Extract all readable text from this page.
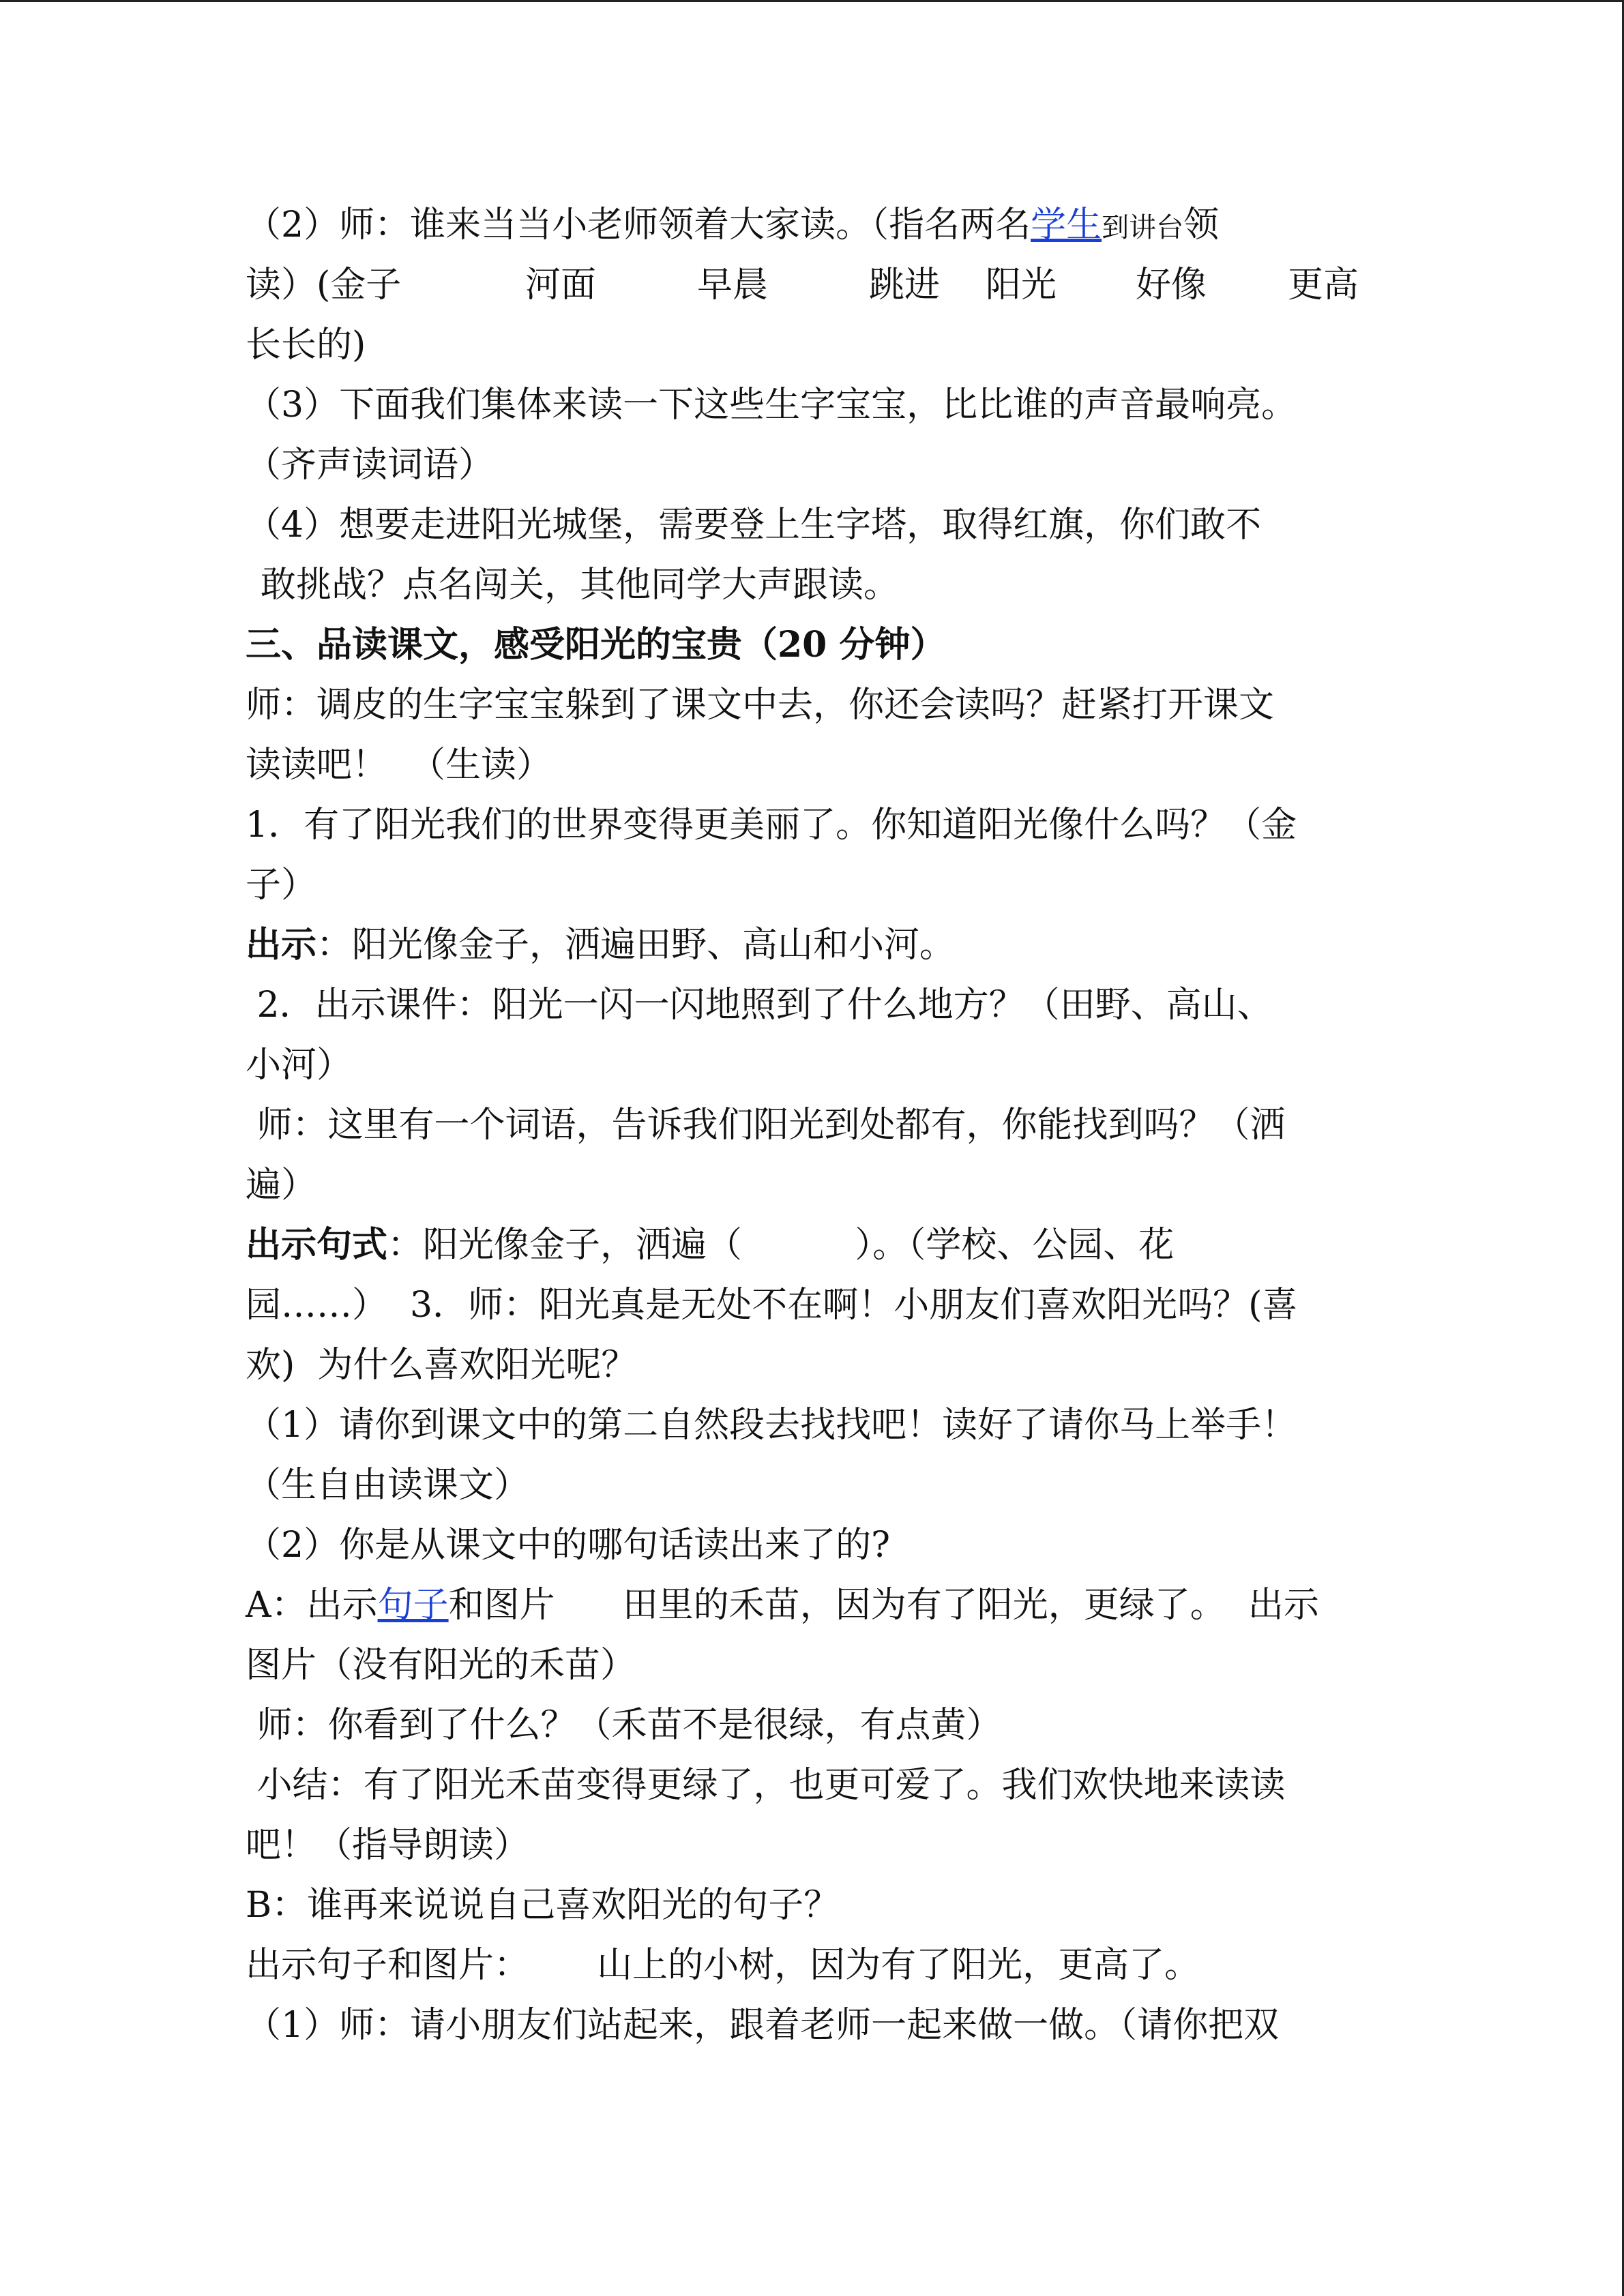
（2）师：谁来当当小老师领着大家读。（指名两名学生到讲台领
读）(金子	河面	早晨	跳进 阳光 好像 更高
长长的)
（3）下面我们集体来读一下这些生字宝宝，比比谁的声音最响亮。
（齐声读词语）
（4）想要走进阳光城堡，需要登上生字塔，取得红旗，你们敢不
敢挑战？点名闯关，其他同学大声跟读。
三、品读课文，感受阳光的宝贵（20 分钟）
师：调皮的生字宝宝躲到了课文中去，你还会读吗？赶紧打开课文
读读吧！  （生读）
1．有了阳光我们的世界变得更美丽了。你知道阳光像什么吗？（金
子）
出示：阳光像金子，洒遍田野、高山和小河。
2．出示课件：阳光一闪一闪地照到了什么地方？（田野、高山、
小河）
师：这里有一个词语，告诉我们阳光到处都有，你能找到吗？（洒
遍）
出示句式：阳光像金子，洒遍（          ）。（学校、公园、花
园……）  3．师：阳光真是无处不在啊！小朋友们喜欢阳光吗？(喜
欢)  为什么喜欢阳光呢？
（1）请你到课文中的第二自然段去找找吧！读好了请你马上举手！
（生自由读课文）
（2）你是从课文中的哪句话读出来了的?
A：出示句子和图片      田里的禾苗，因为有了阳光，更绿了。  出示
图片（没有阳光的禾苗）
师：你看到了什么？（禾苗不是很绿，有点黄）
小结：有了阳光禾苗变得更绿了，也更可爱了。我们欢快地来读读
吧！（指导朗读）
B：谁再来说说自己喜欢阳光的句子？
出示句子和图片：      山上的小树，因为有了阳光，更高了。
（1）师：请小朋友们站起来，跟着老师一起来做一做。（请你把双
